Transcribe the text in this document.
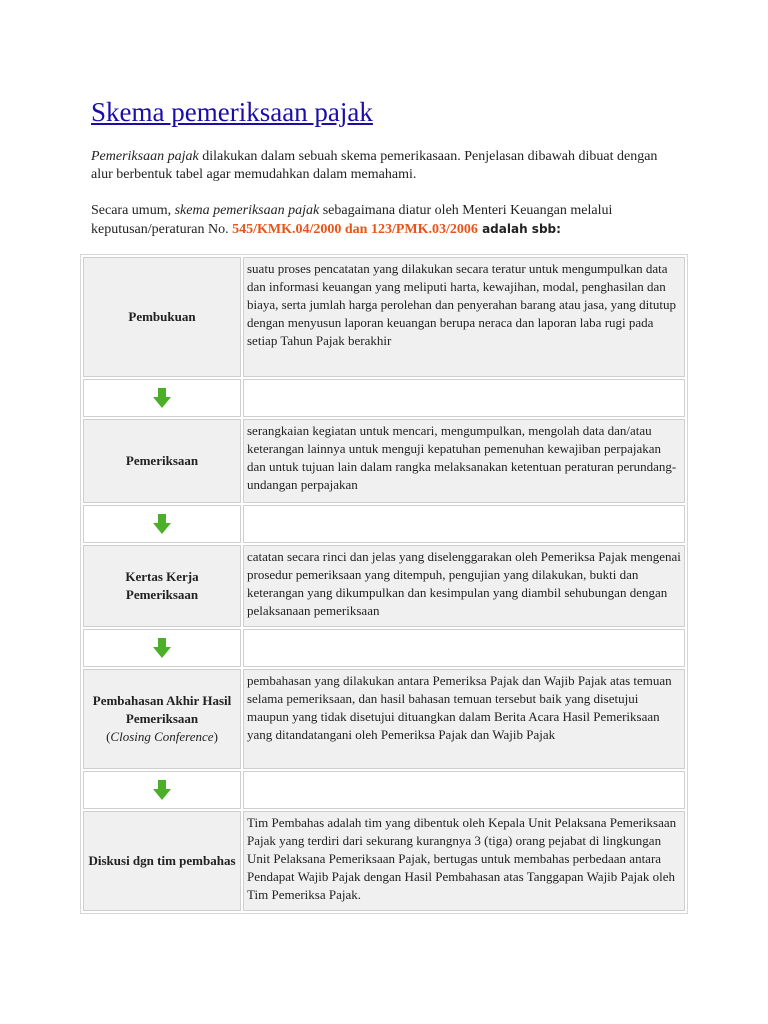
Skema pemeriksaan pajak

Pemeriksaan pajak dilakukan dalam sebuah skema pemerikasaan. Penjelasan dibawah dibuat dengan alur berbentuk tabel agar memudahkan dalam memahami.

Secara umum, skema pemeriksaan pajak sebagaimana diatur oleh Menteri Keuangan melalui keputusan/peraturan No. 545/KMK.04/2000 dan 123/PMK.03/2006 adalah sbb:

Pembukuan	suatu proses pencatatan yang dilakukan secara teratur untuk mengumpulkan data dan informasi keuangan yang meliputi harta, kewajihan, modal, penghasilan dan biaya, serta jumlah harga perolehan dan penyerahan barang atau jasa, yang ditutup dengan menyusun laporan keuangan berupa neraca dan laporan laba rugi pada setiap Tahun Pajak berakhir

Pemeriksaan	serangkaian kegiatan untuk mencari, mengumpulkan, mengolah data dan/atau keterangan lainnya untuk menguji kepatuhan pemenuhan kewajiban perpajakan dan untuk tujuan lain dalam rangka melaksanakan ketentuan peraturan perundang-undangan perpajakan

Kertas Kerja Pemeriksaan	catatan secara rinci dan jelas yang diselenggarakan oleh Pemeriksa Pajak mengenai prosedur pemeriksaan yang ditempuh, pengujian yang dilakukan, bukti dan keterangan yang dikumpulkan dan kesimpulan yang diambil sehubungan dengan pelaksanaan pemeriksaan

Pembahasan Akhir Hasil Pemeriksaan
(Closing Conference)	pembahasan yang dilakukan antara Pemeriksa Pajak dan Wajib Pajak atas temuan selama pemeriksaan, dan hasil bahasan temuan tersebut baik yang disetujui maupun yang tidak disetujui dituangkan dalam Berita Acara Hasil Pemeriksaan yang ditandatangani oleh Pemeriksa Pajak dan Wajib Pajak

Diskusi dgn tim pembahas	Tim Pembahas adalah tim yang dibentuk oleh Kepala Unit Pelaksana Pemeriksaan Pajak yang terdiri dari sekurang kurangnya 3 (tiga) orang pejabat di lingkungan Unit Pelaksana Pemeriksaan Pajak, bertugas untuk membahas perbedaan antara Pendapat Wajib Pajak dengan Hasil Pembahasan atas Tanggapan Wajib Pajak oleh Tim Pemeriksa Pajak.
